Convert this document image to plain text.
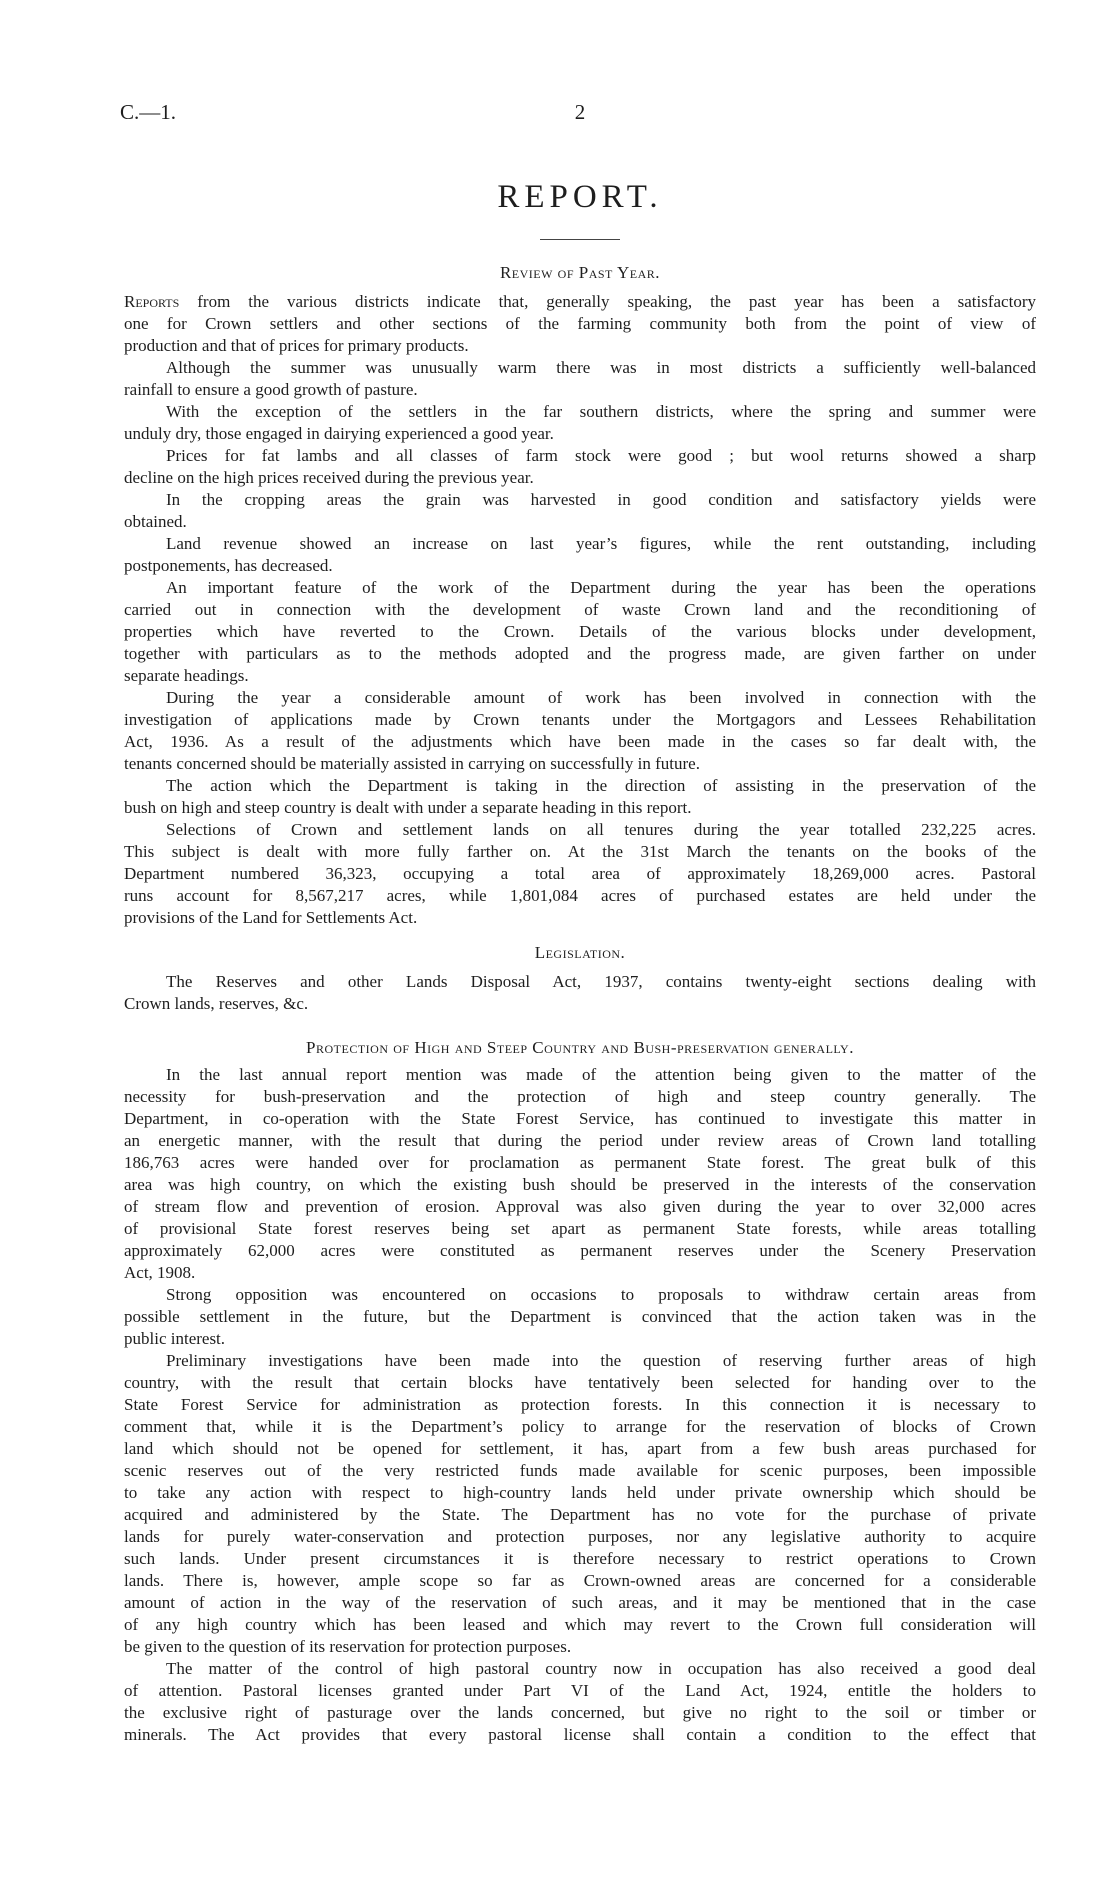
C.—1.	2
REPORT.
Review of Past Year.
Reports from the various districts indicate that, generally speaking, the past year has been a satisfactory
one for Crown settlers and other sections of the farming community both from the point of view of
production and that of prices for primary products.
Although the summer was unusually warm there was in most districts a sufficiently well-balanced
rainfall to ensure a good growth of pasture.
With the exception of the settlers in the far southern districts, where the spring and summer were
unduly dry, those engaged in dairying experienced a good year.
Prices for fat lambs and all classes of farm stock were good ; but wool returns showed a sharp
decline on the high prices received during the previous year.
In the cropping areas the grain was harvested in good condition and satisfactory yields were
obtained.
Land revenue showed an increase on last year’s figures, while the rent outstanding, including
postponements, has decreased.
An important feature of the work of the Department during the year has been the operations
carried out in connection with the development of waste Crown land and the reconditioning of
properties which have reverted to the Crown. Details of the various blocks under development,
together with particulars as to the methods adopted and the progress made, are given farther on under
separate headings.
During the year a considerable amount of work has been involved in connection with the
investigation of applications made by Crown tenants under the Mortgagors and Lessees Rehabilitation
Act, 1936. As a result of the adjustments which have been made in the cases so far dealt with, the
tenants concerned should be materially assisted in carrying on successfully in future.
The action which the Department is taking in the direction of assisting in the preservation of the
bush on high and steep country is dealt with under a separate heading in this report.
Selections of Crown and settlement lands on all tenures during the year totalled 232,225 acres.
This subject is dealt with more fully farther on. At the 31st March the tenants on the books of the
Department numbered 36,323, occupying a total area of approximately 18,269,000 acres. Pastoral
runs account for 8,567,217 acres, while 1,801,084 acres of purchased estates are held under the
provisions of the Land for Settlements Act.
Legislation.
The Reserves and other Lands Disposal Act, 1937, contains twenty-eight sections dealing with
Crown lands, reserves, &c.
Protection of High and Steep Country and Bush-preservation generally.
In the last annual report mention was made of the attention being given to the matter of the
necessity for bush-preservation and the protection of high and steep country generally. The
Department, in co-operation with the State Forest Service, has continued to investigate this matter in
an energetic manner, with the result that during the period under review areas of Crown land totalling
186,763 acres were handed over for proclamation as permanent State forest. The great bulk of this
area was high country, on which the existing bush should be preserved in the interests of the conservation
of stream flow and prevention of erosion. Approval was also given during the year to over 32,000 acres
of provisional State forest reserves being set apart as permanent State forests, while areas totalling
approximately 62,000 acres were constituted as permanent reserves under the Scenery Preservation
Act, 1908.
Strong opposition was encountered on occasions to proposals to withdraw certain areas from
possible settlement in the future, but the Department is convinced that the action taken was in the
public interest.
Preliminary investigations have been made into the question of reserving further areas of high
country, with the result that certain blocks have tentatively been selected for handing over to the
State Forest Service for administration as protection forests. In this connection it is necessary to
comment that, while it is the Department’s policy to arrange for the reservation of blocks of Crown
land which should not be opened for settlement, it has, apart from a few bush areas purchased for
scenic reserves out of the very restricted funds made available for scenic purposes, been impossible
to take any action with respect to high-country lands held under private ownership which should be
acquired and administered by the State. The Department has no vote for the purchase of private
lands for purely water-conservation and protection purposes, nor any legislative authority to acquire
such lands. Under present circumstances it is therefore necessary to restrict operations to Crown
lands. There is, however, ample scope so far as Crown-owned areas are concerned for a considerable
amount of action in the way of the reservation of such areas, and it may be mentioned that in the case
of any high country which has been leased and which may revert to the Crown full consideration will
be given to the question of its reservation for protection purposes.
The matter of the control of high pastoral country now in occupation has also received a good deal
of attention. Pastoral licenses granted under Part VI of the Land Act, 1924, entitle the holders to
the exclusive right of pasturage over the lands concerned, but give no right to the soil or timber or
minerals. The Act provides that every pastoral license shall contain a condition to the effect that
